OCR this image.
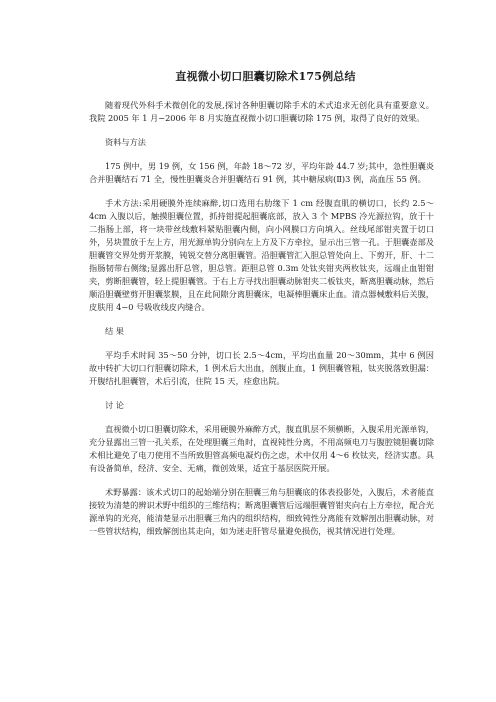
直视微小切口胆囊切除术175例总结

随着现代外科手术微创化的发展,探讨各种胆囊切除手术的术式追求无创化具有重要意义。我院 2005 年 1 月−2006 年 8 月实施直视微小切口胆囊切除 175 例，取得了良好的效果。

资料与方法

175 例中，男 19 例，女 156 例，年龄 18～72 岁，平均年龄 44.7 岁;其中，急性胆囊炎合并胆囊结石 71 全，慢性胆囊炎合并胆囊结石 91 例，其中糖尿病(Ⅱ)3 例，高血压 55 例。

手术方法:采用硬膜外连续麻醉,切口选用右肋缘下 1 cm 经腹直肌的横切口，长约 2.5～4cm 入腹以后，触摸胆囊位置，抓持钳提起胆囊底部，放入 3 个 MPBS 冷光源拉钩，放于十二指肠上部，将一块带丝线敷料紧贴胆囊内侧，向小网膜口方向填入。丝线尾部钳夹置于切口外，另块置放于左上方，用光源单钩分别向左上方及下方牵拉，显示出三管一孔。于胆囊壶部及胆囊管交界处剪开浆膜，钝锐交替分离胆囊管。沿胆囊管汇入胆总管处向上、下剪开，肝、十二指肠韧带右侧缘;显露出肝总管，胆总管。距胆总管 0.3m 处钛夹钳夹两枚钛夹，远端止血钳钳夹，剪断胆囊管，轻上提胆囊管。于右上方寻找出胆囊动脉钳夹二板钛夹，断离胆囊动脉，然后顺沿胆囊壁剪开胆囊浆膜，且在此间隙分离胆囊床，电凝棒胆囊床止血。清点器械敷料后关腹，皮肤用 4−0 号吸收线皮内缝合。

结 果

平均手术时间 35～50 分钟，切口长 2.5～4cm，平均出血量 20～30mm，其中 6 例因故中转扩大切口行胆囊切除术，1 例术后大出血，剖腹止血，1 例胆囊管粗，钛夹脱落致胆漏：开腹结扎胆囊管，术后引流，住院 15 天，痊愈出院。

讨 论

直视微小切口胆囊切除术，采用硬膜外麻醉方式，腹直肌层不须横断，入腹采用光源单钩，充分显露出三管一孔关系，在处理胆囊三角时，直视钝性分离，不用高频电刀与腹腔镜胆囊切除术相比避免了电刀使用不当所致胆管高频电凝灼伤之虑，术中仅用 4～6 枚钛夹，经济实惠。具有设备简单，经济、安全、无痛，微创效果，适宜于基层医院开展。

术野暴露：该术式切口的起始端分别在胆囊三角与胆囊底的体表投影处，入腹后，术者能直接较为清楚的辨识术野中组织的三维结构；断离胆囊管后远端胆囊管钳夹向右上方牵拉，配合光源单钩的光亮，能清楚显示出胆囊三角内的组织结构，细致钝性分离能有效解剖出胆囊动脉，对一些管状结构，细致解剖出其走向，如为迷走肝管尽量避免损伤，视其情况进行处理。
